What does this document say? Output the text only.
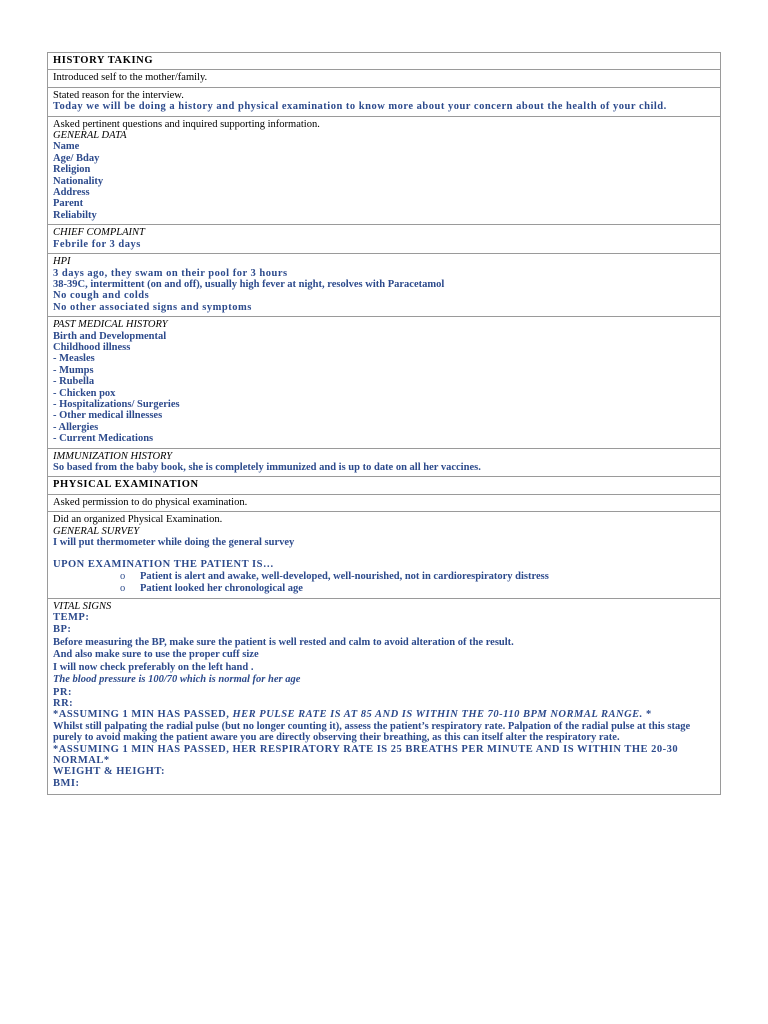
HISTORY TAKING
Introduced self to the mother/family.

Stated reason for the interview.
Today we will be doing a history and physical examination to know more about your concern about the health of your child.

Asked pertinent questions and inquired supporting information.
GENERAL DATA
Name
Age/ Bday
Religion
Nationality
Address
Parent
Reliabilty

CHIEF COMPLAINT
Febrile for 3 days

HPI
3 days ago, they swam on their pool for 3 hours
38-39C, intermittent (on and off), usually high fever at night, resolves with Paracetamol
No cough and colds
No other associated signs and symptoms

PAST MEDICAL HISTORY
Birth and Developmental
Childhood illness
- Measles
- Mumps
- Rubella
- Chicken pox
- Hospitalizations/ Surgeries
- Other medical illnesses
- Allergies
- Current Medications

IMMUNIZATION HISTORY
So based from the baby book, she is completely immunized and is up to date on all her vaccines.

PHYSICAL EXAMINATION
Asked permission to do physical examination.

Did an organized Physical Examination.
GENERAL SURVEY
I will put thermometer while doing the general survey
UPON EXAMINATION THE PATIENT IS…
o Patient is alert and awake, well-developed, well-nourished, not in cardiorespiratory distress
o Patient looked her chronological age

VITAL SIGNS
TEMP:
BP:
Before measuring the BP, make sure the patient is well rested and calm to avoid alteration of the result.
And also make sure to use the proper cuff size
I will now check preferably on the left hand .
The blood pressure is 100/70 which is normal for her age
PR:
RR:
*ASSUMING 1 MIN HAS PASSED, HER PULSE RATE IS AT 85 AND IS WITHIN THE 70-110 BPM NORMAL RANGE. *
Whilst still palpating the radial pulse (but no longer counting it), assess the patient’s respiratory rate. Palpation of the radial pulse at this stage purely to avoid making the patient aware you are directly observing their breathing, as this can itself alter the respiratory rate.
*ASSUMING 1 MIN HAS PASSED, HER RESPIRATORY RATE IS 25 BREATHS PER MINUTE AND IS WITHIN THE 20-30 NORMAL*
WEIGHT & HEIGHT:
BMI:
